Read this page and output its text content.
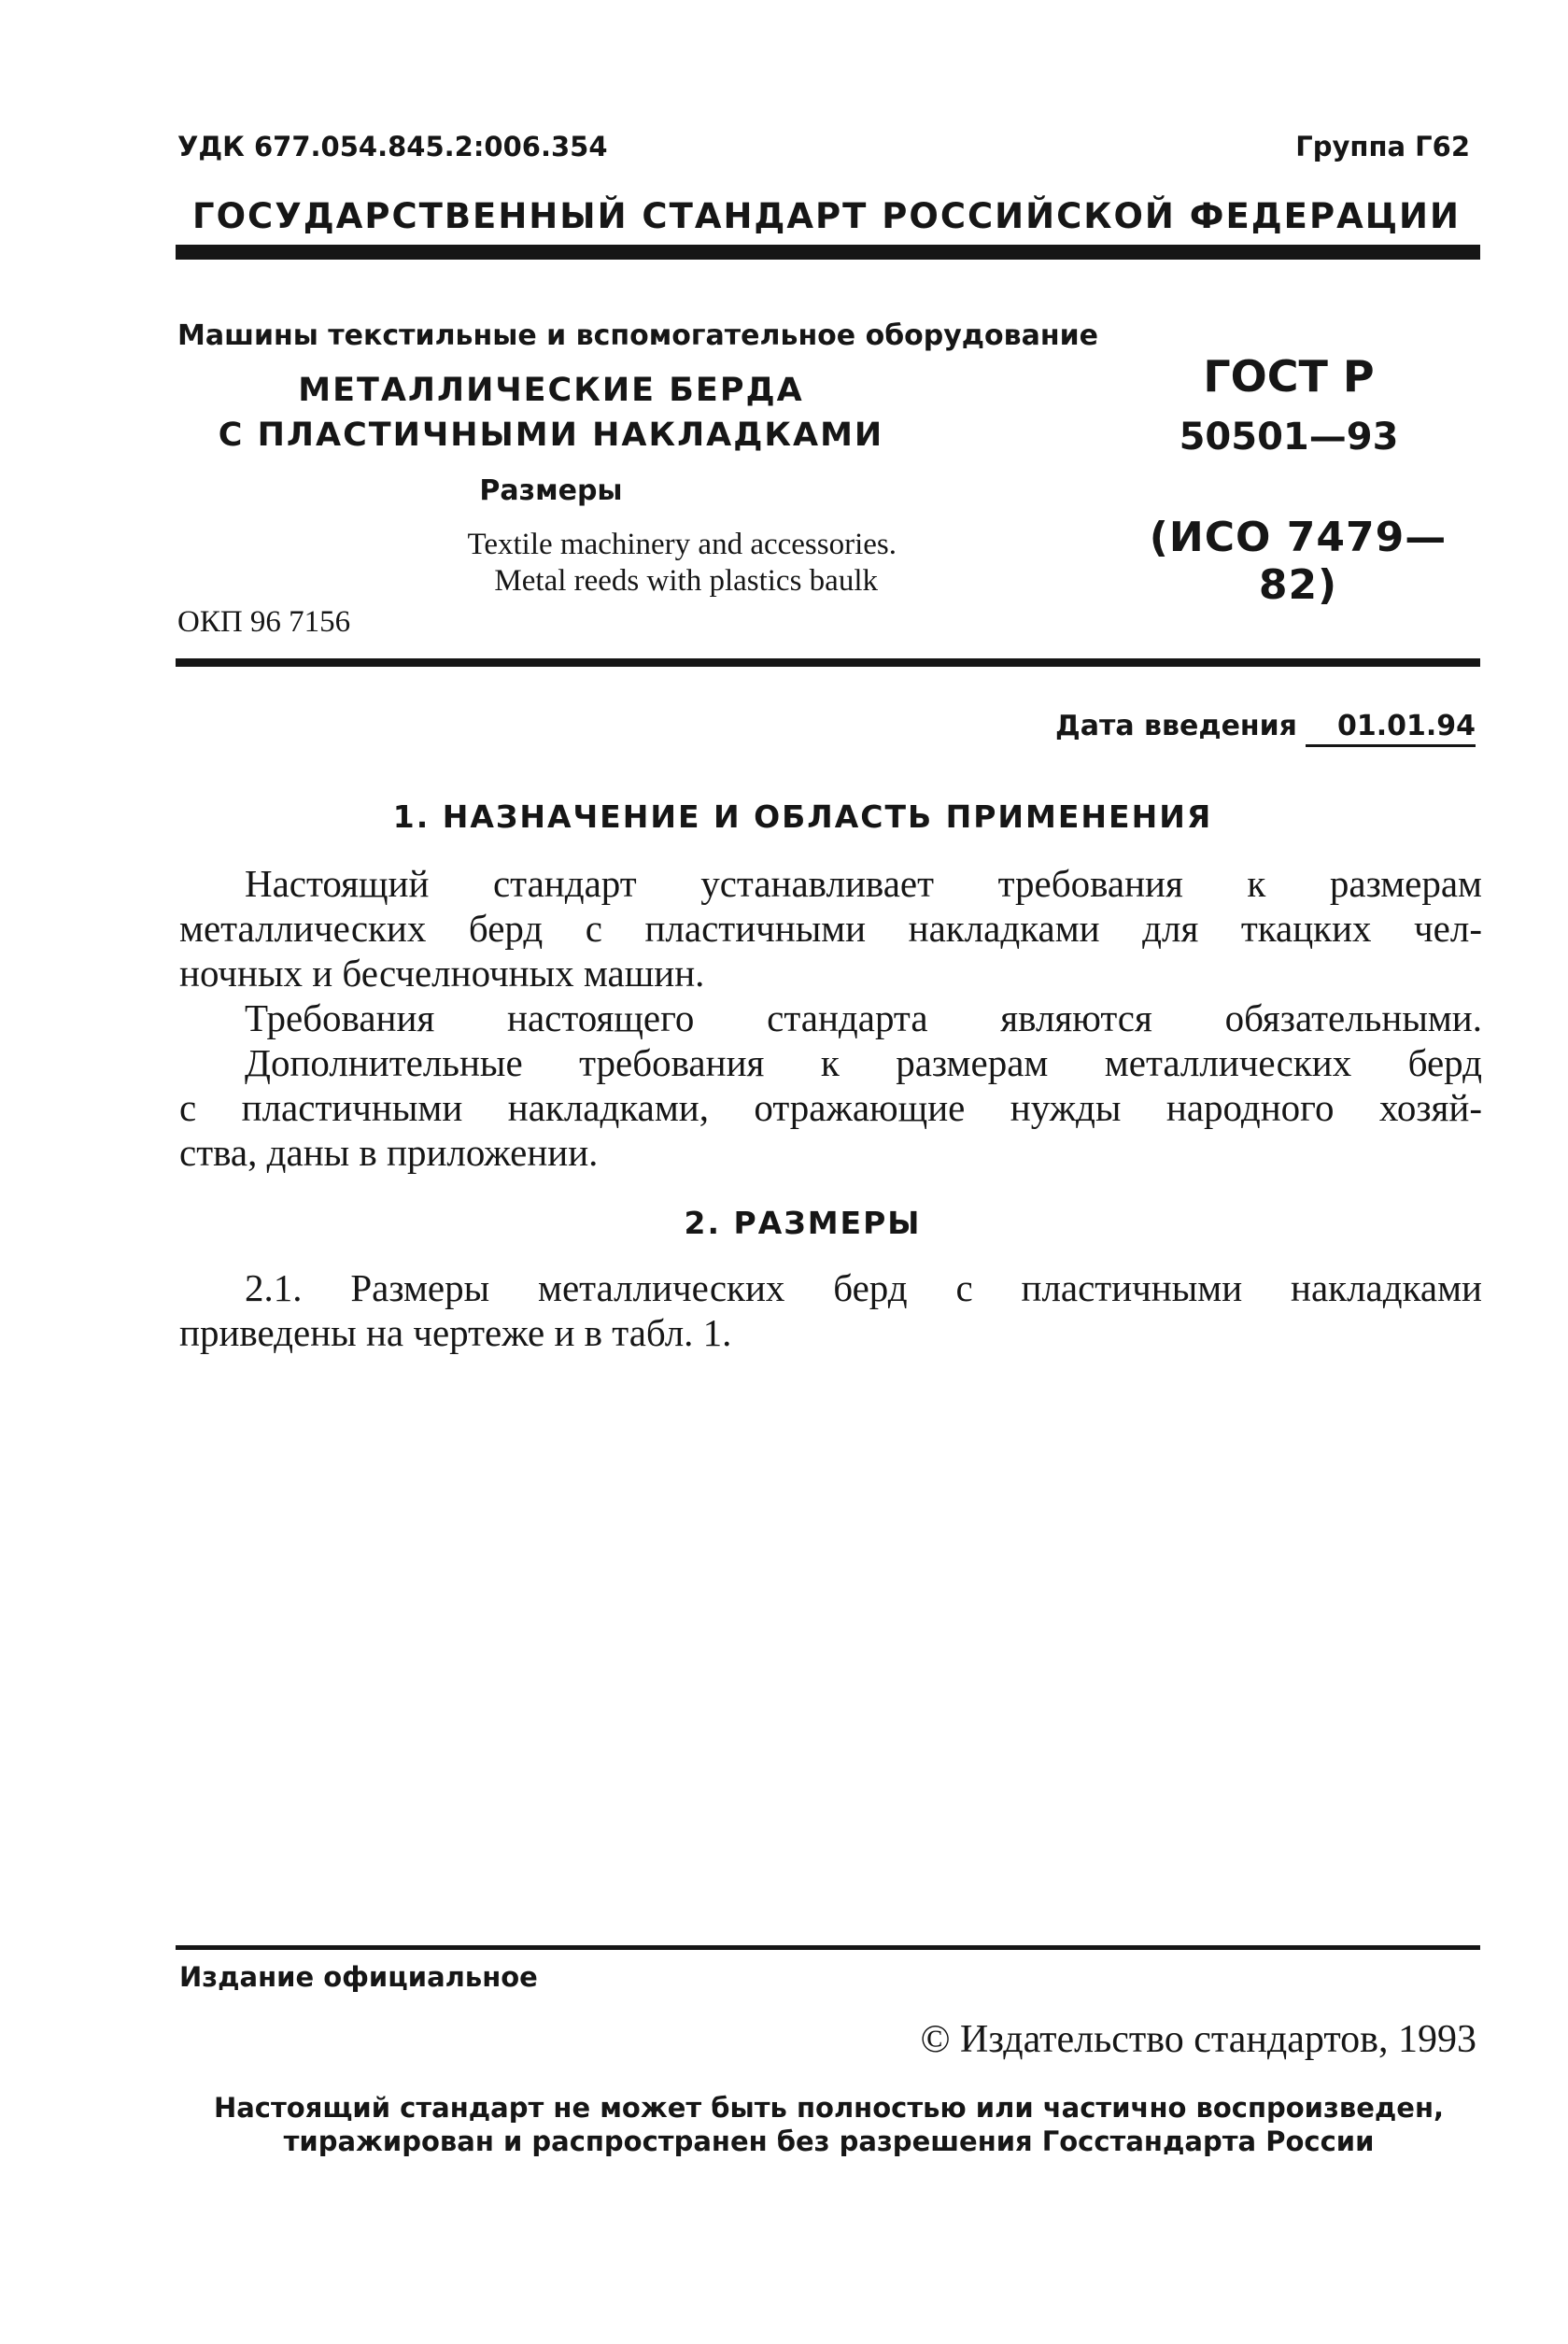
УДК 677.054.845.2:006.354	Группа Г62
ГОСУДАРСТВЕННЫЙ СТАНДАРТ РОССИЙСКОЙ ФЕДЕРАЦИИ
Машины текстильные и вспомогательное оборудование
МЕТАЛЛИЧЕСКИЕ БЕРДА
С ПЛАСТИЧНЫМИ НАКЛАДКАМИ
Размеры
Textile machinery and accessories.
Metal reeds with plastics baulk
ОКП 96 7156
ГОСТ Р
50501—93
(ИСО 7479—82)
Дата введения	01.01.94
1. НАЗНАЧЕНИЕ И ОБЛАСТЬ ПРИМЕНЕНИЯ
Настоящий стандарт устанавливает требования к размерам
металлических берд с пластичными накладками для ткацких чел-
ночных и бесчелночных машин.
Требования настоящего стандарта являются обязательными.
Дополнительные требования к размерам металлических берд
с пластичными накладками, отражающие нужды народного хозяй-
ства, даны в приложении.
2. РАЗМЕРЫ
2.1. Размеры металлических берд с пластичными накладками
приведены на чертеже и в табл. 1.
Издание официальное
© Издательство стандартов, 1993
Настоящий стандарт не может быть полностью или частично воспроизведен,
тиражирован и распространен без разрешения Госстандарта России
